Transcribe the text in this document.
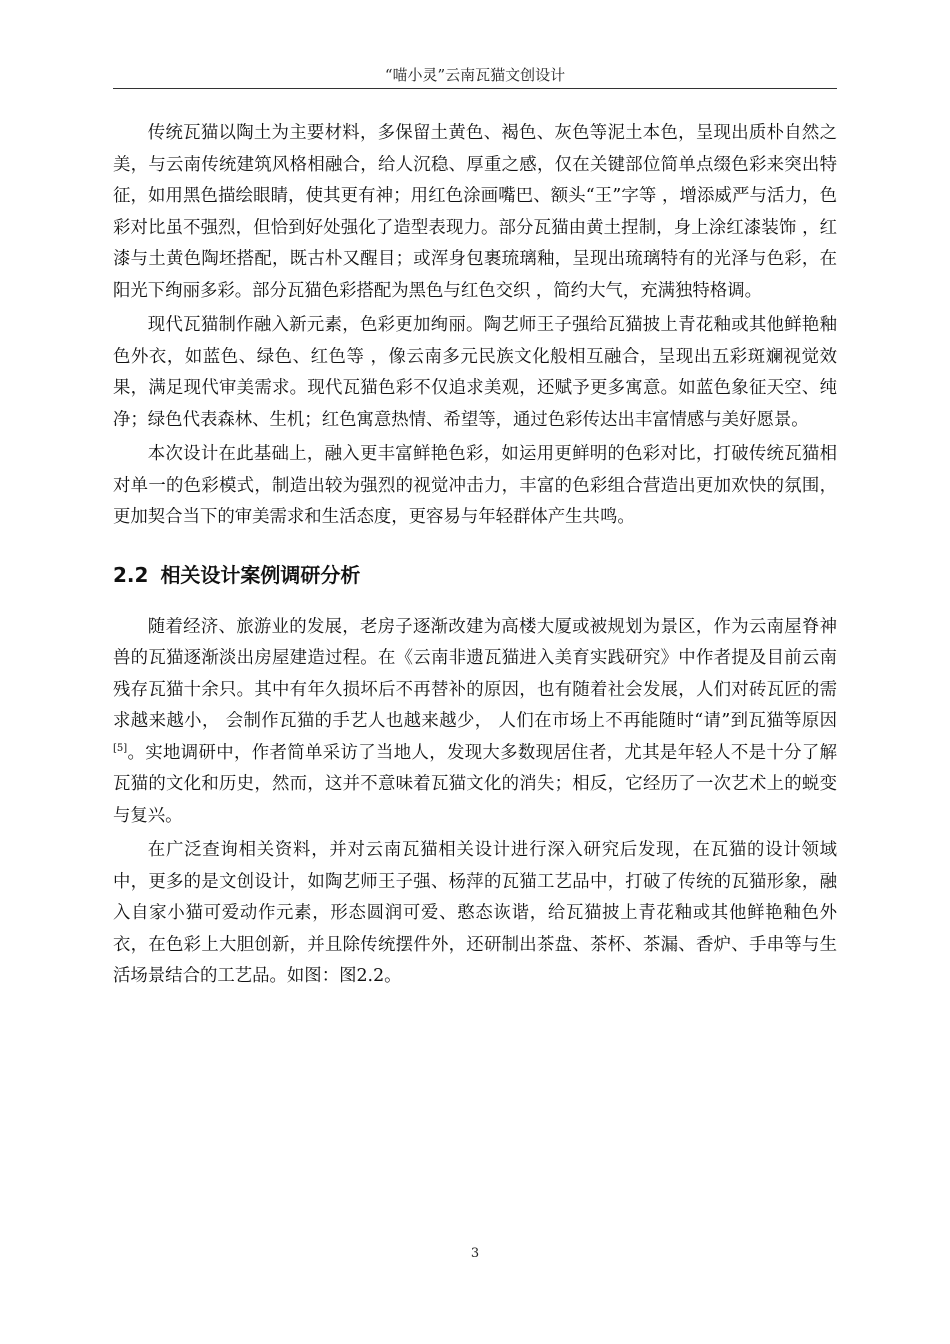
“喵小灵”云南瓦猫文创设计

传统瓦猫以陶土为主要材料，多保留土黄色、褐色、灰色等泥土本色，呈现出质朴自然之美，与云南传统建筑风格相融合，给人沉稳、厚重之感，仅在关键部位简单点缀色彩来突出特征，如用黑色描绘眼睛，使其更有神；用红色涂画嘴巴、额头“王”字等 ，增添威严与活力，色彩对比虽不强烈，但恰到好处强化了造型表现力。部分瓦猫由黄土捏制，身上涂红漆装饰 ，红漆与土黄色陶坯搭配，既古朴又醒目；或浑身包裹琉璃釉，呈现出琉璃特有的光泽与色彩，在阳光下绚丽多彩。部分瓦猫色彩搭配为黑色与红色交织 ，简约大气，充满独特格调。

现代瓦猫制作融入新元素，色彩更加绚丽。陶艺师王子强给瓦猫披上青花釉或其他鲜艳釉色外衣，如蓝色、绿色、红色等 ，像云南多元民族文化般相互融合，呈现出五彩斑斓视觉效果，满足现代审美需求。现代瓦猫色彩不仅追求美观，还赋予更多寓意。如蓝色象征天空、纯净；绿色代表森林、生机；红色寓意热情、希望等，通过色彩传达出丰富情感与美好愿景。

本次设计在此基础上，融入更丰富鲜艳色彩，如运用更鲜明的色彩对比，打破传统瓦猫相对单一的色彩模式，制造出较为强烈的视觉冲击力，丰富的色彩组合营造出更加欢快的氛围，更加契合当下的审美需求和生活态度，更容易与年轻群体产生共鸣。

2.2 相关设计案例调研分析

随着经济、旅游业的发展，老房子逐渐改建为高楼大厦或被规划为景区，作为云南屋脊神兽的瓦猫逐渐淡出房屋建造过程。在《云南非遗瓦猫进入美育实践研究》中作者提及目前云南残存瓦猫十余只。其中有年久损坏后不再替补的原因，也有随着社会发展，人们对砖瓦匠的需求越来越小， 会制作瓦猫的手艺人也越来越少， 人们在市场上不再能随时“请”到瓦猫等原因[5]。实地调研中，作者简单采访了当地人，发现大多数现居住者，尤其是年轻人不是十分了解瓦猫的文化和历史，然而，这并不意味着瓦猫文化的消失；相反，它经历了一次艺术上的蜕变与复兴。

在广泛查询相关资料，并对云南瓦猫相关设计进行深入研究后发现，在瓦猫的设计领域中，更多的是文创设计，如陶艺师王子强、杨萍的瓦猫工艺品中，打破了传统的瓦猫形象，融入自家小猫可爱动作元素，形态圆润可爱、憨态诙谐，给瓦猫披上青花釉或其他鲜艳釉色外衣，在色彩上大胆创新，并且除传统摆件外，还研制出茶盘、茶杯、茶漏、香炉、手串等与生活场景结合的工艺品。如图：图2.2。

3
